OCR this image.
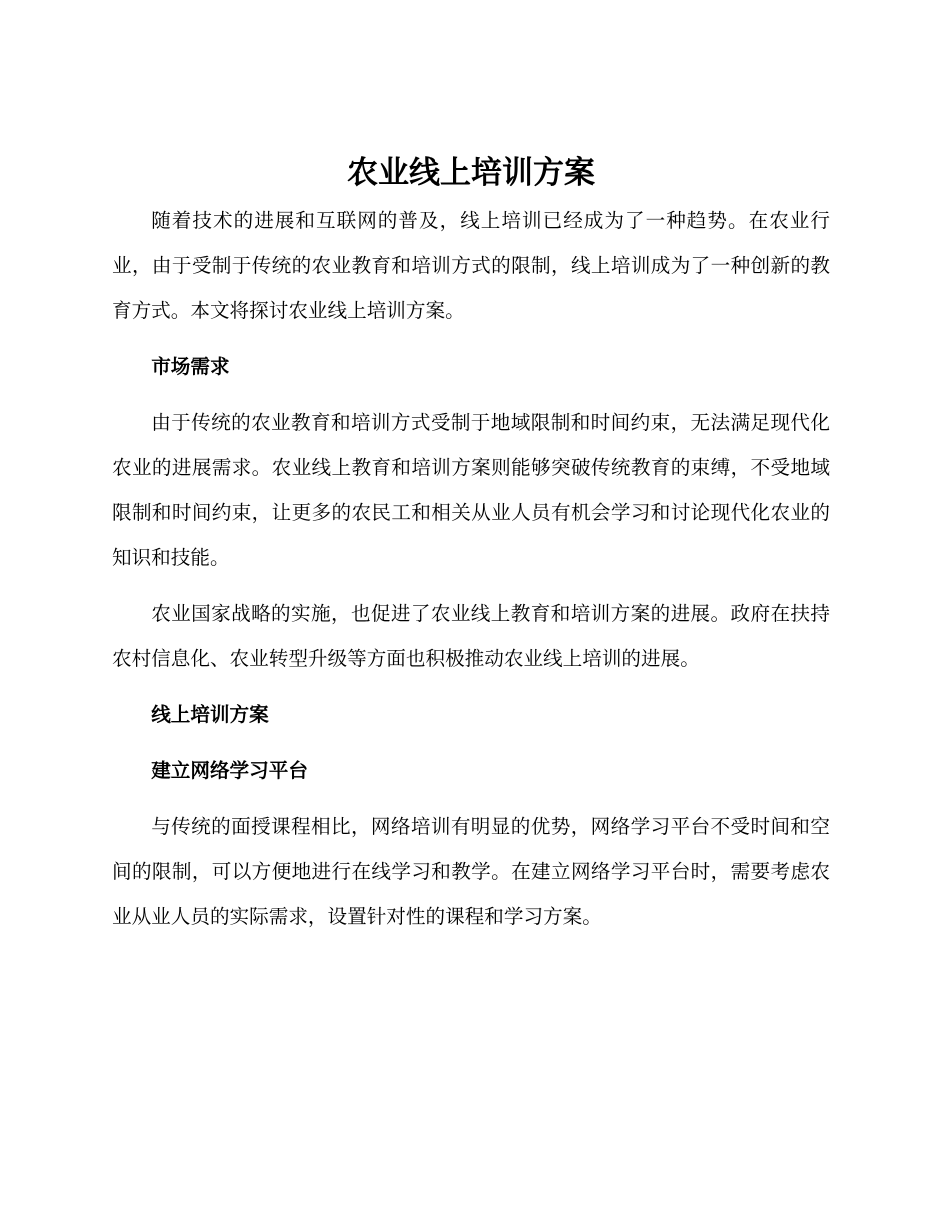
农业线上培训方案

随着技术的进展和互联网的普及，线上培训已经成为了一种趋势。在农业行业，由于受制于传统的农业教育和培训方式的限制，线上培训成为了一种创新的教育方式。本文将探讨农业线上培训方案。

市场需求

由于传统的农业教育和培训方式受制于地域限制和时间约束，无法满足现代化农业的进展需求。农业线上教育和培训方案则能够突破传统教育的束缚，不受地域限制和时间约束，让更多的农民工和相关从业人员有机会学习和讨论现代化农业的知识和技能。

农业国家战略的实施，也促进了农业线上教育和培训方案的进展。政府在扶持农村信息化、农业转型升级等方面也积极推动农业线上培训的进展。

线上培训方案

建立网络学习平台

与传统的面授课程相比，网络培训有明显的优势，网络学习平台不受时间和空间的限制，可以方便地进行在线学习和教学。在建立网络学习平台时，需要考虑农业从业人员的实际需求，设置针对性的课程和学习方案。
